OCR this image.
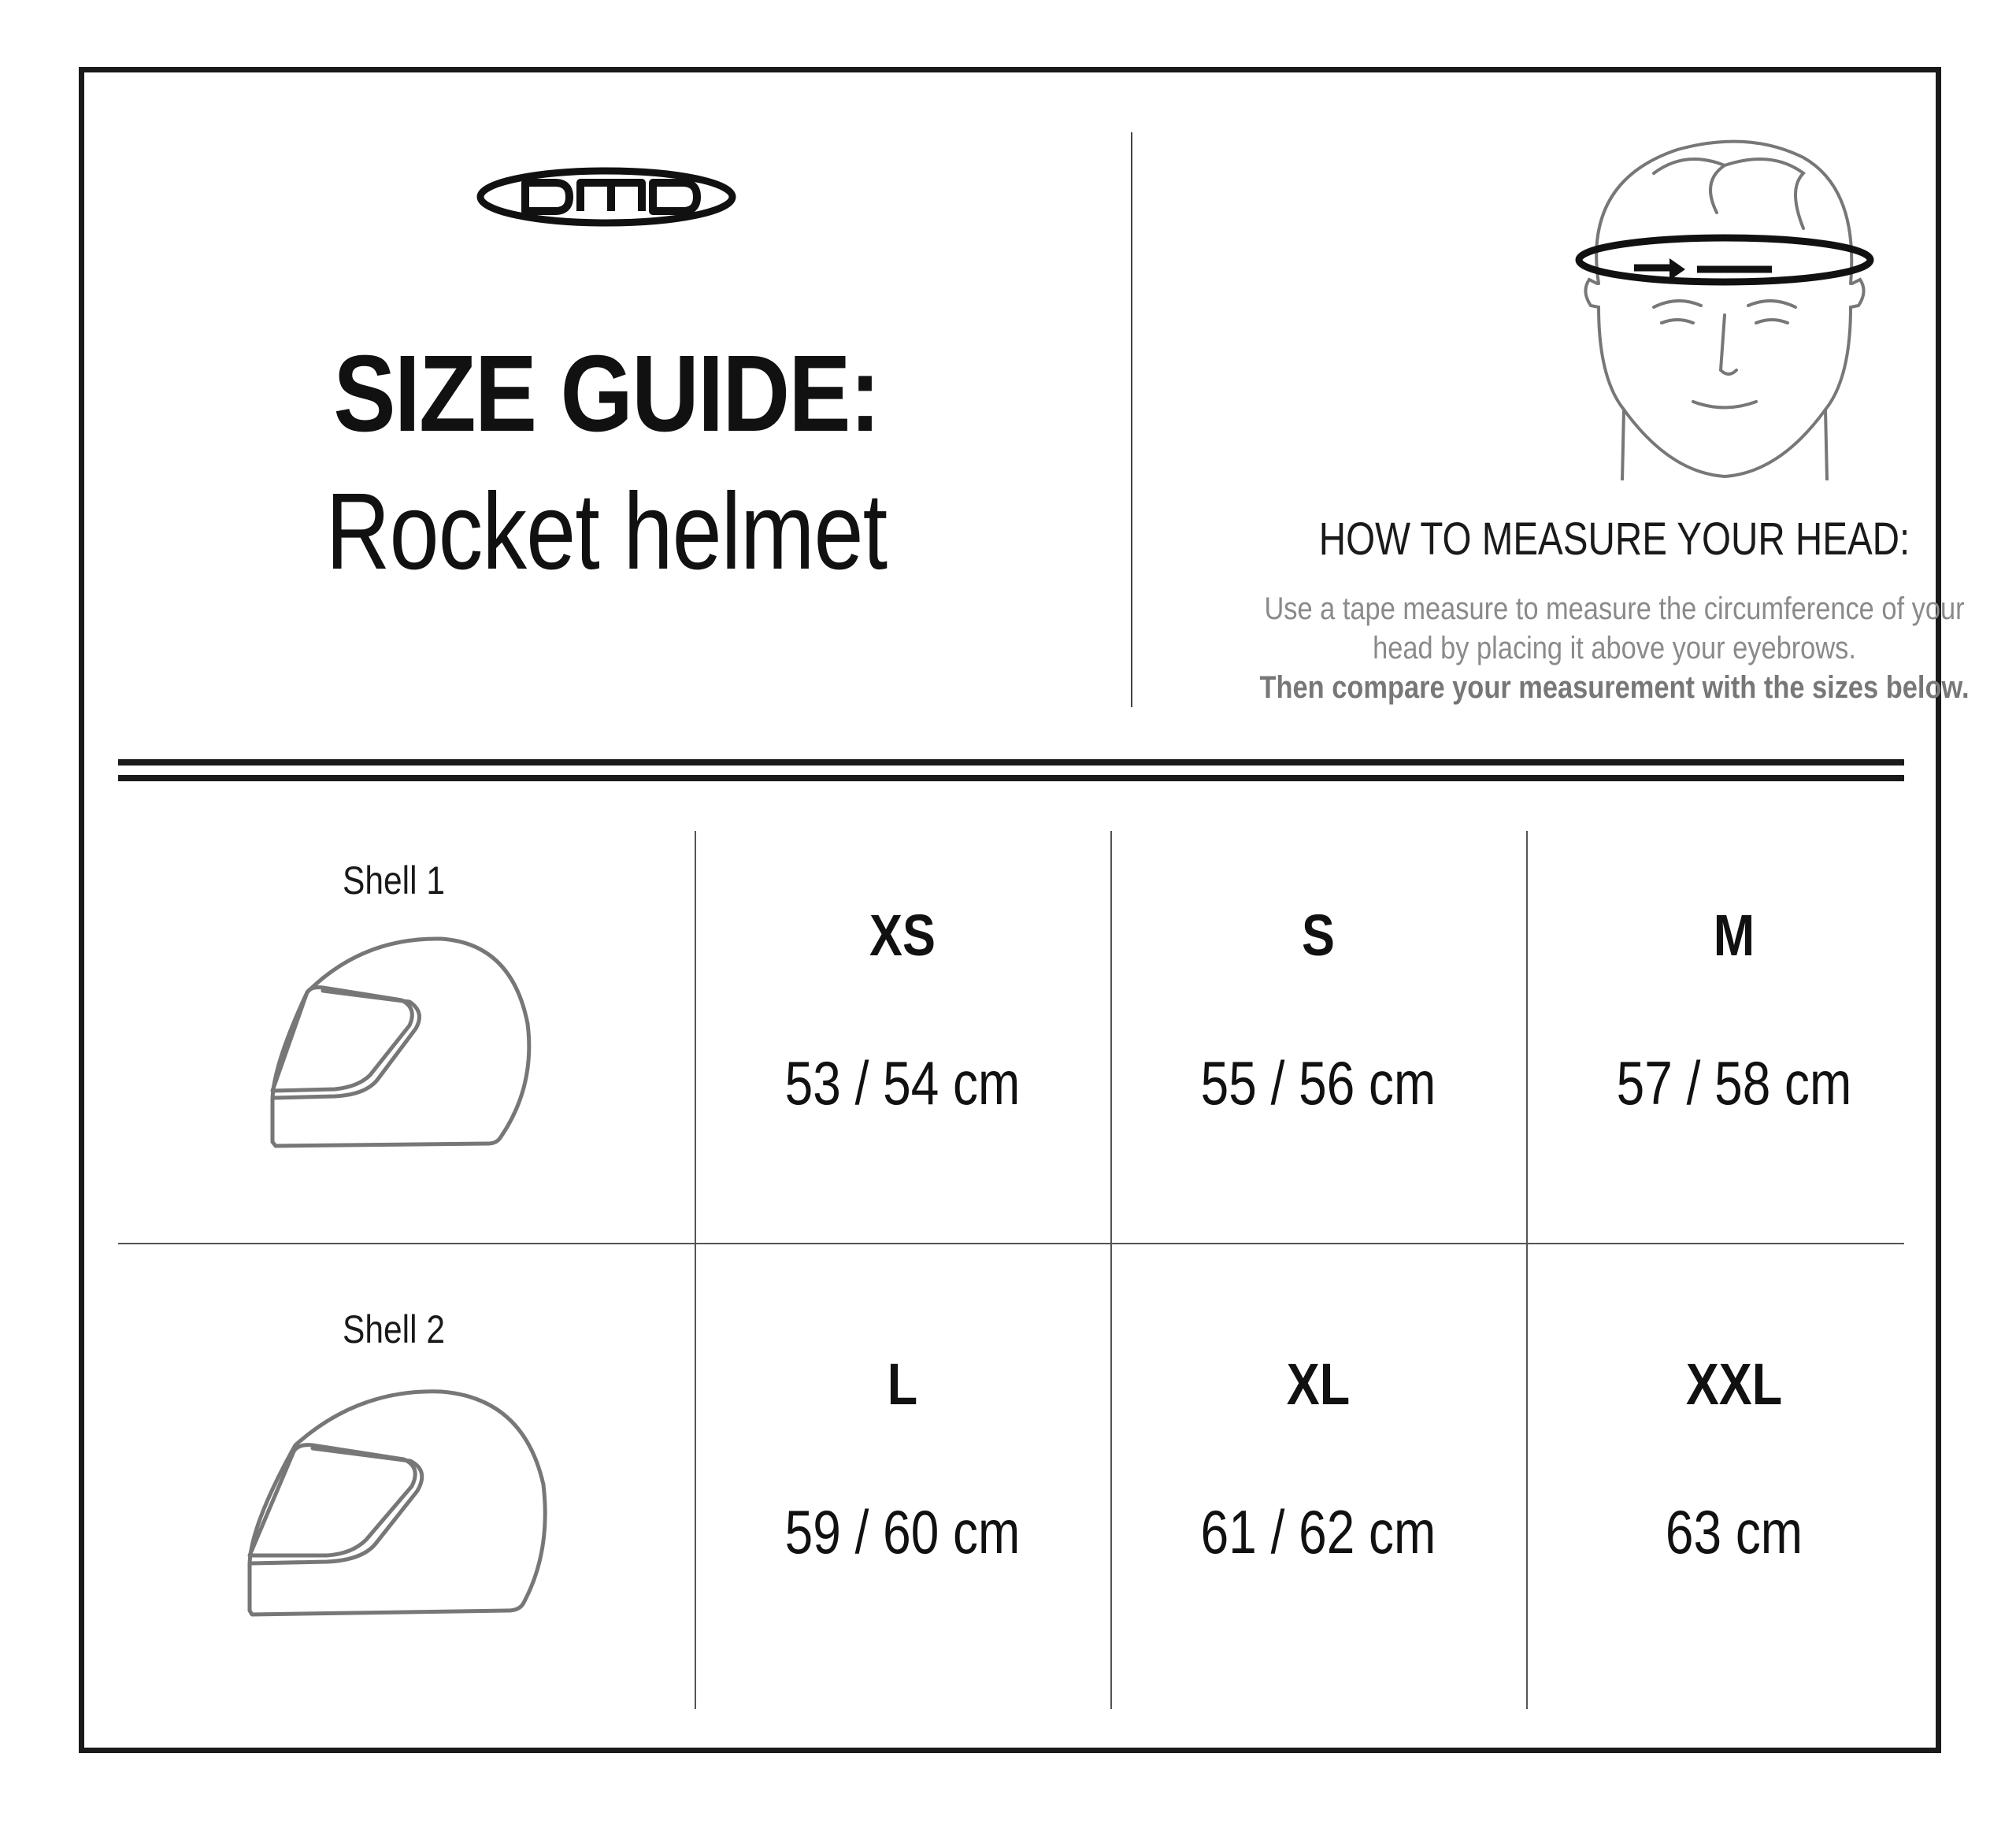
SIZE GUIDE:
Rocket helmet	HOW TO MEASURE YOUR HEAD:
Use a tape measure to measure the circumference of your
head by placing it above your eyebrows.
Then compare your measurement with the sizes below.
Shell 1
XS
53 / 54 cm
S
55 / 56 cm
M
57 / 58 cm
Shell 2
L
59 / 60 cm
XL
61 / 62 cm
XXL
63 cm
